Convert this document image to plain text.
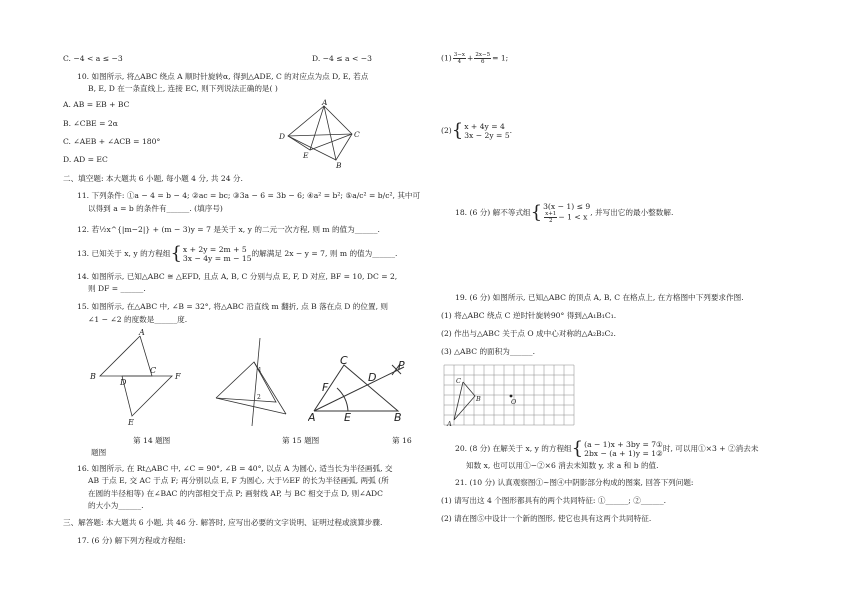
C. −4 < a ≤ −3	D. −4 ≤ a < −3
10. 如图所示, 将△ABC 绕点 A 顺时针旋转α, 得到△ADE, C 的对应点为点 D, E, 若点
B, E, D 在一条直线上, 连接 EC, 则下列说法正确的是( )
A. AB = EB + BC
B. ∠CBE = 2α
C. ∠AEB + ∠ACB = 180°
D. AD = EC
A
D	C
E
B
二、填空题: 本大题共 6 小题, 每小题 4 分, 共 24 分.
11. 下列条件: ①a − 4 = b − 4; ②ac = bc; ③3a − 6 = 3b − 6; ④a² = b²; ⑤a/c² = b/c², 其中可
以得到 a = b 的条件有______. (填序号)
12. 若½x^{|m−2|} + (m − 3)y = 7 是关于 x, y 的二元一次方程, 则 m 的值为______.
13. 已知关于 x, y 的方程组{ x + 2y = 2m + 5
3x − 4y = m − 15
的解满足 2x − y = 7, 则 m 的值为______.
14. 如图所示, 已知△ABC ≅ △EFD, 且点 A, B, C 分别与点 E, F, D 对应, BF = 10, DC = 2,
则 DF = ______.
15. 如图所示, 在△ABC 中, ∠B = 32°, 将△ABC 沿直线 m 翻折, 点 B 落在点 D 的位置, 则
∠1 − ∠2 的度数是______度.
A
B
C
D
F
E
1
2
A
C
F
E
D
P
B
第 14 题图	第 15 题图	第 16
题图
16. 如图所示, 在 Rt△ABC 中, ∠C = 90°, ∠B = 40°, 以点 A 为圆心, 适当长为半径画弧, 交
AB 于点 E, 交 AC 于点 F; 再分别以点 E, F 为圆心, 大于½EF 的长为半径画弧, 两弧 (所
在圆的半径相等) 在∠BAC 的内部相交于点 P; 画射线 AP, 与 BC 相交于点 D, 则∠ADC
的大小为______.
三、解答题: 本大题共 6 小题, 共 46 分. 解答时, 应写出必要的文字说明、证明过程或演算步骤.
17. (6 分) 解下列方程或方程组:
$(1) \frac{3-x}{4} + \frac{2x-5}{6} = 1$;
(2){ x + 4y = 4
3x − 2y = 5
.
18. (6 分) 解不等式组{ 3(x − 1) ≤ 9
$\frac{x+1}{2} - 1 < x$ , 并写出它的最小整数解.
19. (6 分) 如图所示, 已知△ABC 的顶点 A, B, C 在格点上, 在方格图中下列要求作图.
(1) 将△ABC 绕点 C 逆时针旋转90° 得到△A₁B₁C₁.
(2) 作出与△ABC 关于点 O 成中心对称的△A₂B₂C₂.
(3) △ABC 的面积为______.
C
B
A
O
20. (8 分) 在解关于 x, y 的方程组{ (a − 1)x + 3by = 7①
2bx − (a + 1)y = 1②
时, 可以用①×3 + ②消去未
知数 x, 也可以用①−②×6 消去未知数 y, 求 a 和 b 的值.
21. (10 分) 认真观察图①~图④中阴影部分构成的图案, 回答下列问题:
(1) 请写出这 4 个图形都具有的两个共同特征: ①______; ②______.
(2) 请在图⑤中设计一个新的图形, 使它也具有这两个共同特征.
